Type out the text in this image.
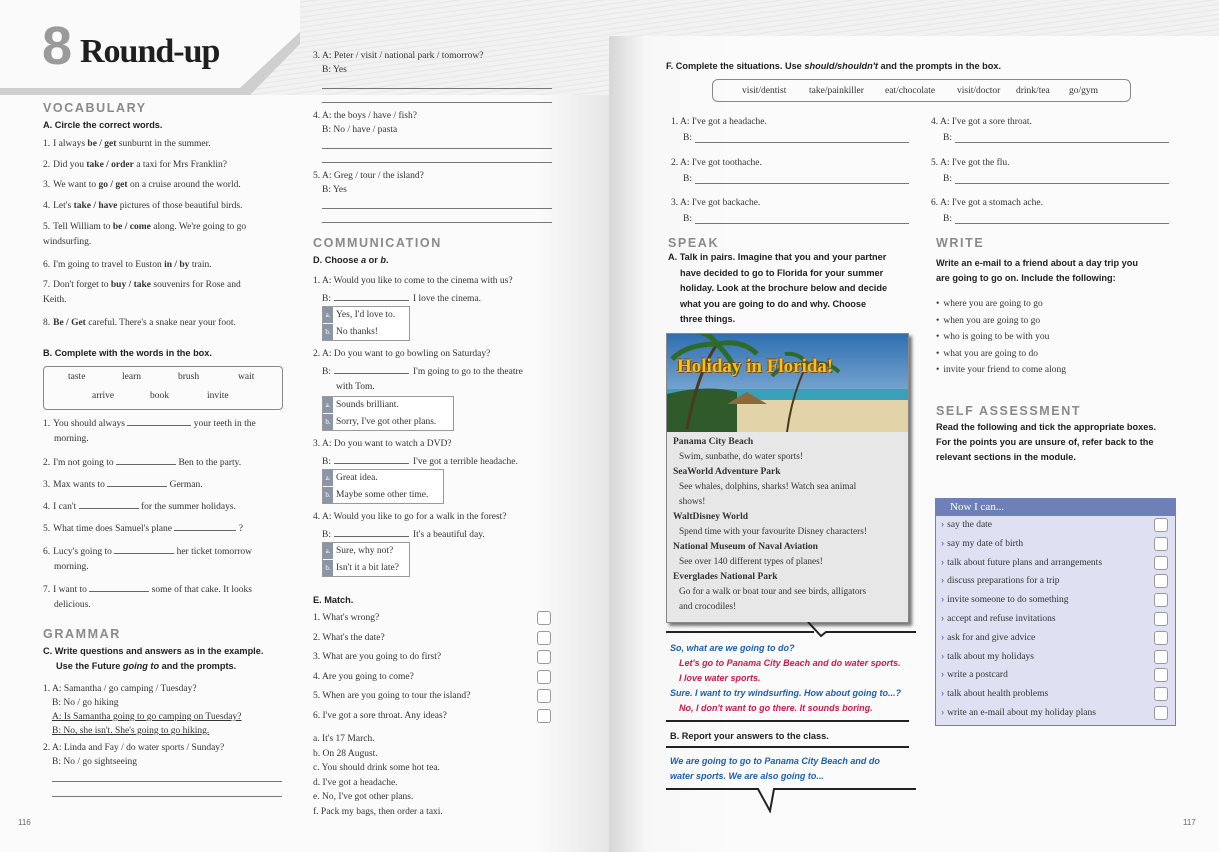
8 Round-up
VOCABULARY
A. Circle the correct words.
1. I always be / get sunburnt in the summer.
2. Did you take / order a taxi for Mrs Franklin?
3. We want to go / get on a cruise around the world.
4. Let's take / have pictures of those beautiful birds.
5. Tell William to be / come along. We're going to go
windsurfing.
6. I'm going to travel to Euston in / by train.
7. Don't forget to buy / take souvenirs for Rose and
Keith.
8. Be / Get careful. There's a snake near your foot.
B. Complete with the words in the box.
taste	learn	brush	wait
arrive	book	invite
1. You should always	your teeth in the
morning.
2. I'm not going to	Ben to the party.
3. Max wants to	German.
4. I can't	for the summer holidays.
5. What time does Samuel's plane	?
6. Lucy's going to	her ticket tomorrow
morning.
7. I want to	some of that cake. It looks
delicious.
GRAMMAR
C. Write questions and answers as in the example.
Use the Future going to and the prompts.
1. A: Samantha / go camping / Tuesday?
B: No / go hiking
A: Is Samantha going to go camping on Tuesday?
B: No, she isn't. She's going to go hiking.
2. A: Linda and Fay / do water sports / Sunday?
B: No / go sightseeing
3. A: Peter / visit / national park / tomorrow?
B: Yes
4. A: the boys / have / fish?
B: No / have / pasta
5. A: Greg / tour / the island?
B: Yes
COMMUNICATION
D. Choose a or b.
1. A: Would you like to come to the cinema with us?
B:	I love the cinema.
a.
b.
Yes, I'd love to.
No thanks!
2. A: Do you want to go bowling on Saturday?
B:	I'm going to go to the theatre
with Tom.
a.
b.
Sounds brilliant.
Sorry, I've got other plans.
3. A: Do you want to watch a DVD?
B:	I've got a terrible headache.
a.
b.
Great idea.
Maybe some other time.
4. A: Would you like to go for a walk in the forest?
B:	It's a beautiful day.
a.
b.
Sure, why not?
Isn't it a bit late?
E. Match.
1. What's wrong?
2. What's the date?
3. What are you going to do first?
4. Are you going to come?
5. When are you going to tour the island?
6. I've got a sore throat. Any ideas?
a. It's 17 March.
b. On 28 August.
c. You should drink some hot tea.
d. I've got a headache.
e. No, I've got other plans.
f. Pack my bags, then order a taxi.
116
F. Complete the situations. Use should/shouldn't and the prompts in the box.
visit/dentist take/painkiller eat/chocolate visit/doctor drink/tea go/gym
1. A: I've got a headache.
B:
2. A: I've got toothache.
B:
3. A: I've got backache.
B:
4. A: I've got a sore throat.
B:
5. A: I've got the flu.
B:
6. A: I've got a stomach ache.
B:
SPEAK
A. Talk in pairs. Imagine that you and your partner
have decided to go to Florida for your summer
holiday. Look at the brochure below and decide
what you are going to do and why. Choose
three things.
Holiday in Florida!
Panama City Beach
Swim, sunbathe, do water sports!
SeaWorld Adventure Park
See whales, dolphins, sharks! Watch sea animal
shows!
WaltDisney World
Spend time with your favourite Disney characters!
National Museum of Naval Aviation
See over 140 different types of planes!
Everglades National Park
Go for a walk or boat tour and see birds, alligators
and crocodiles!
So, what are we going to do?
Let's go to Panama City Beach and do water sports.
I love water sports.
Sure. I want to try windsurfing. How about going to...?
No, I don't want to go there. It sounds boring.
B. Report your answers to the class.
We are going to go to Panama City Beach and do
water sports. We are also going to...
WRITE
Write an e-mail to a friend about a day trip you
are going to go on. Include the following:
• where you are going to go
• when you are going to go
• who is going to be with you
• what you are going to do
• invite your friend to come along
SELF ASSESSMENT
Read the following and tick the appropriate boxes.
For the points you are unsure of, refer back to the
relevant sections in the module.
Now I can...
› say the date
› say my date of birth
› talk about future plans and arrangements
› discuss preparations for a trip
› invite someone to do something
› accept and refuse invitations
› ask for and give advice
› talk about my holidays
› write a postcard
› talk about health problems
› write an e-mail about my holiday plans
117
